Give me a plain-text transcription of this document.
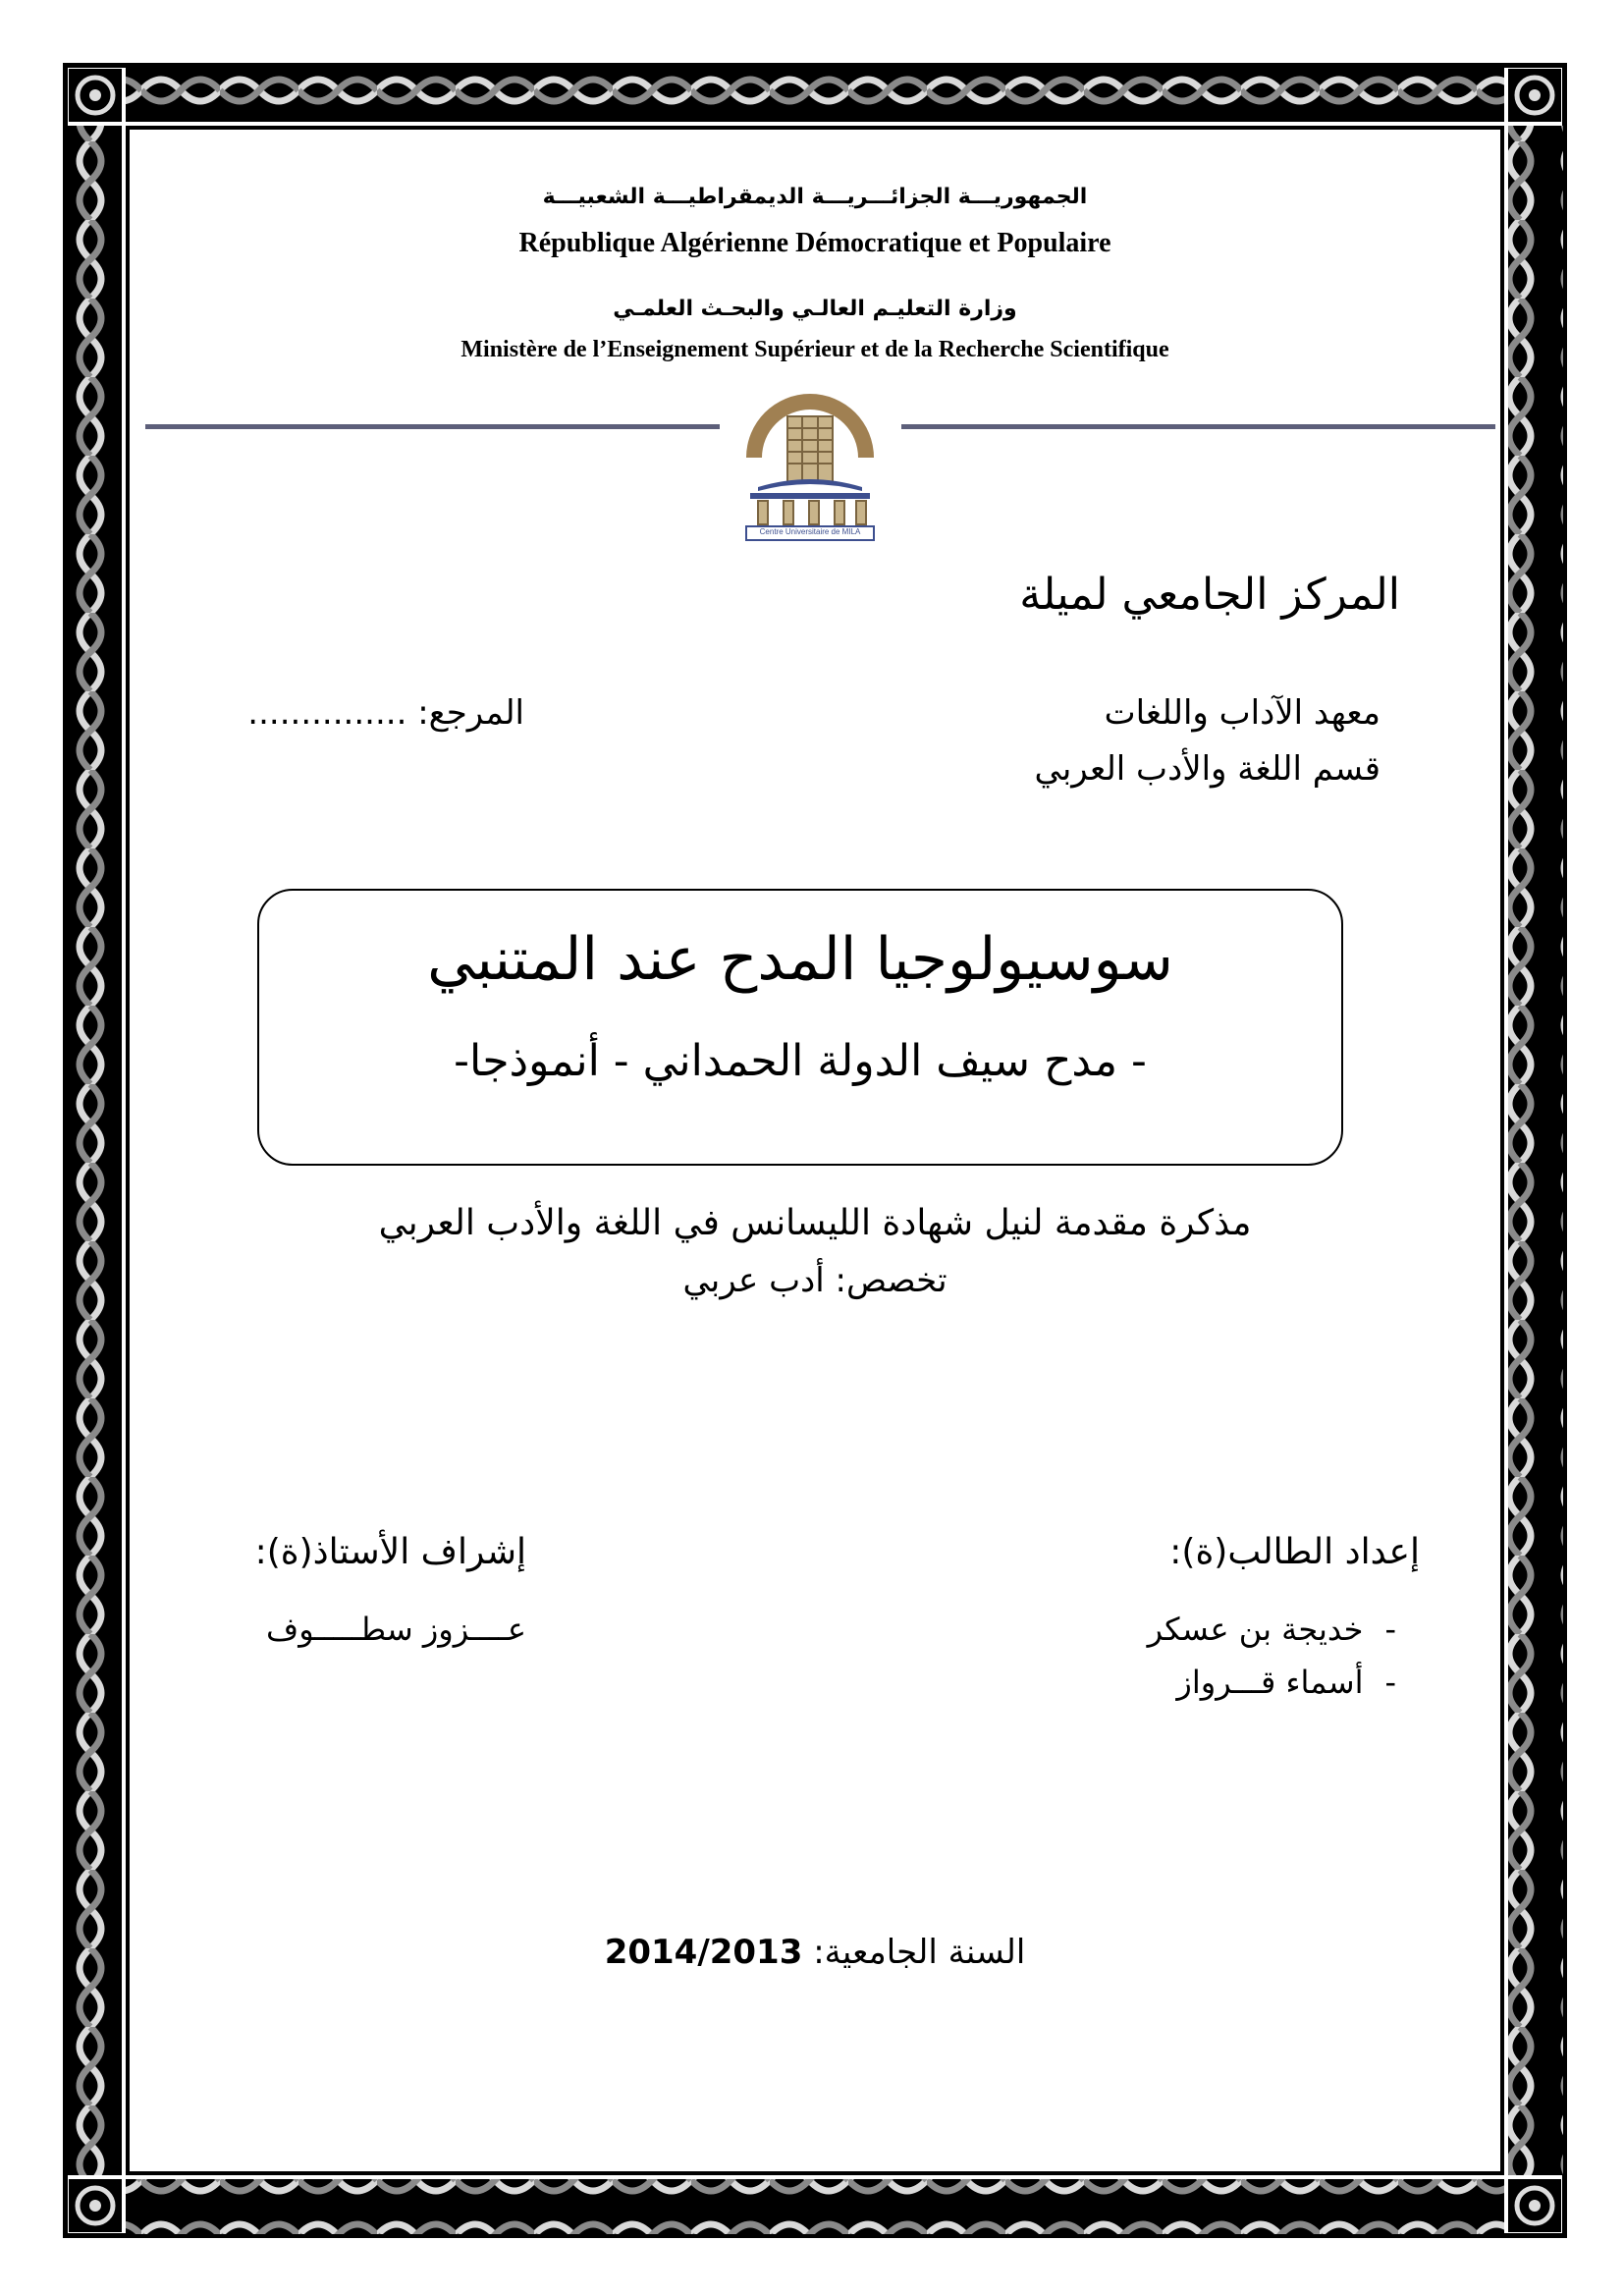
الجمهوريـــة الجزائـــريـــة الديمقراطيـــة الشعبيـــة
République Algérienne Démocratique et Populaire
وزارة التعليـم العالـي والبحـث العلمـي
Ministère de l’Enseignement Supérieur et de la Recherche Scientifique
Centre Universitaire de MILA
المركز الجامعي لميلة
معهد الآداب واللغات
قسم اللغة والأدب العربي
المرجع: ...............
سوسيولوجيا المدح عند المتنبي
- مدح سيف الدولة الحمداني - أنموذجا-
مذكرة مقدمة لنيل شهادة الليسانس في اللغة والأدب العربي
تخصص: أدب عربي
إعداد الطالب(ة):
-خديجة بن عسكر
-أسماء قـــرواز
إشراف الأستاذ(ة):
عــــزوز سطـــــوف
السنة الجامعية: 2014/2013
